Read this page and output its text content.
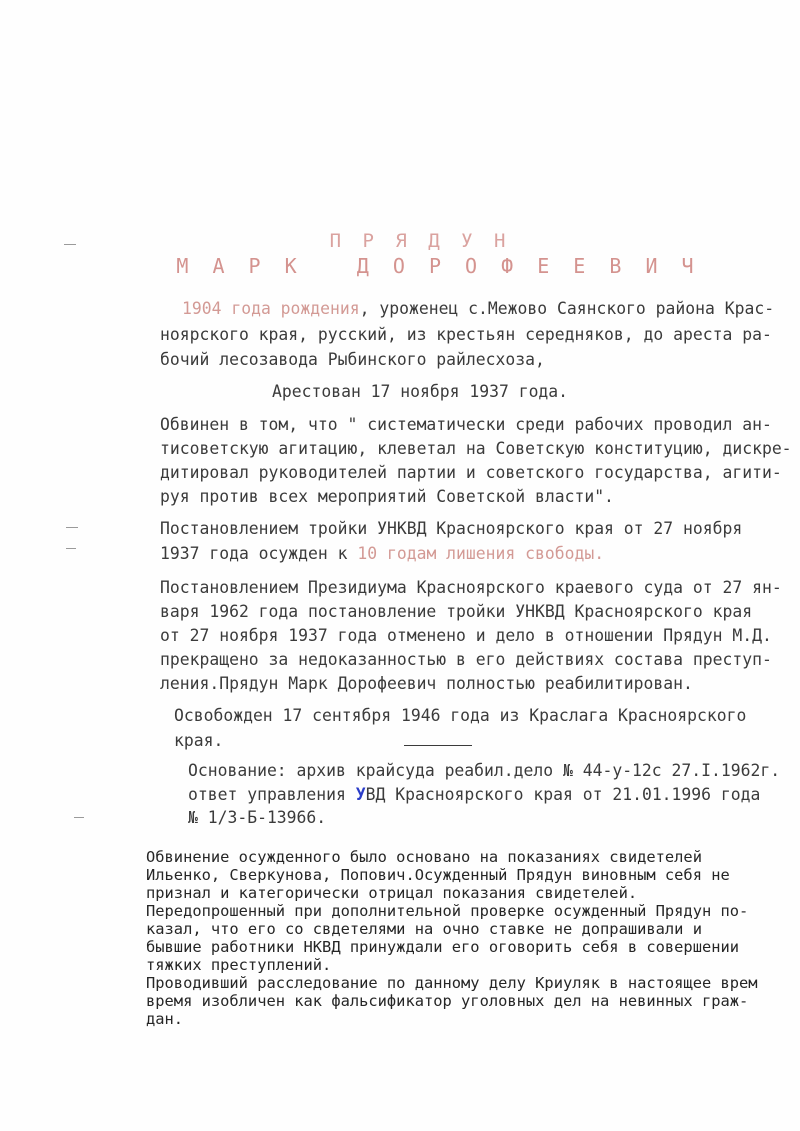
П Р Я Д У Н
М А Р К   Д О Р О Ф Е Е В И Ч
1904 года рождения, уроженец с.Межово Саянского района Крас-
ноярского края, русский, из крестьян середняков, до ареста ра-
бочий лесозавода Рыбинского райлесхоза,
Арестован 17 ноября 1937 года.
Обвинен в том, что " систематически среди рабочих проводил ан-
тисоветскую агитацию, клеветал на Советскую конституцию, дискре-
дитировал руководителей партии и советского государства, агити-
руя против всех мероприятий Советской власти".
Постановлением тройки УНКВД Красноярского края от 27 ноября
1937 года осужден к 10 годам лишения свободы.
Постановлением Президиума Красноярского краевого суда от 27 ян-
варя 1962 года постановление тройки УНКВД Красноярского края
от 27 ноября 1937 года отменено и дело в отношении Прядун М.Д.
прекращено за недоказанностью в его действиях состава преступ-
ления.Прядун Марк Дорофеевич полностью реабилитирован.
Освобожден 17 сентября 1946 года из Краслага Красноярского
края.
Основание: архив крайсуда реабил.дело № 44-у-12с 27.I.1962г.
ответ управления УВД Красноярского края от 21.01.1996 года
№ 1/3-Б-13966.
Обвинение осужденного было основано на показаниях свидетелей
Ильенко, Сверкунова, Попович.Осужденный Прядун виновным себя не
признал и категорически отрицал показания свидетелей.
Передопрошенный при дополнительной проверке осужденный Прядун по-
казал, что его со свдетелями на очно ставке не допрашивали и
бывшие работники НКВД принуждали его оговорить себя в совершении
тяжких преступлений.
Проводивший расследование по данному делу Криуляк в настоящее врем
время изобличен как фальсификатор уголовных дел на невинных граж-
дан.
